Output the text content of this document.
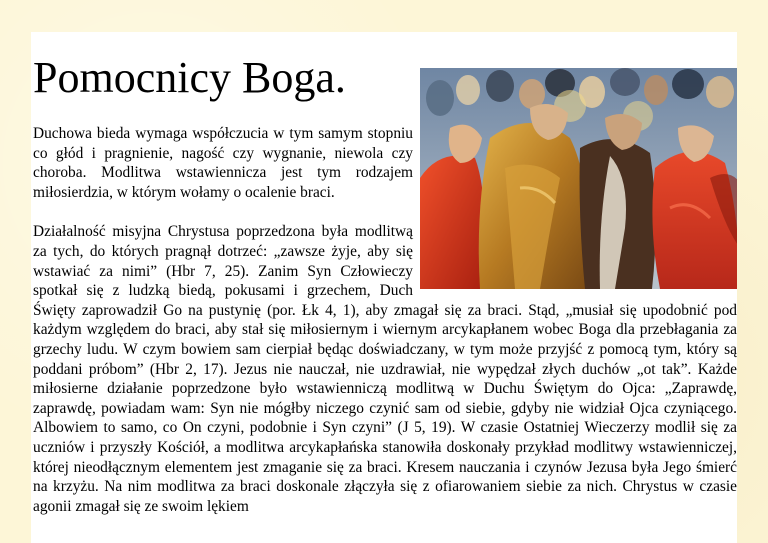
Pomocnicy Boga.

Duchowa bieda wymaga współczucia w tym samym stopniu co głód i pragnienie, nagość czy wygnanie, niewola czy choroba. Modlitwa wstawiennicza jest tym rodzajem miłosierdzia, w którym wołamy o ocalenie braci.

Działalność misyjna Chrystusa poprzedzona była modlitwą za tych, do których pragnął dotrzeć: „zawsze żyje, aby się wstawiać za nimi” (Hbr 7, 25). Zanim Syn Człowieczy spotkał się z ludzką biedą, pokusami i grzechem, Duch Święty zaprowadził Go na pustynię (por. Łk 4, 1), aby zmagał się za braci. Stąd, „musiał się upodobnić pod każdym względem do braci, aby stał się miłosiernym i wiernym arcykapłanem wobec Boga dla przebłagania za grzechy ludu. W czym bowiem sam cierpiał będąc doświadczany, w tym może przyjść z pomocą tym, który są poddani próbom” (Hbr 2, 17). Jezus nie nauczał, nie uzdrawiał, nie wypędzał złych duchów „ot tak”. Każde miłosierne działanie poprzedzone było wstawienniczą modlitwą w Duchu Świętym do Ojca: „Zaprawdę, zaprawdę, powiadam wam: Syn nie mógłby niczego czynić sam od siebie, gdyby nie widział Ojca czyniącego. Albowiem to samo, co On czyni, podobnie i Syn czyni” (J 5, 19). W czasie Ostatniej Wieczerzy modlił się za uczniów i przyszły Kościół, a modlitwa arcykapłańska stanowiła doskonały przykład modlitwy wstawienniczej, której nieodłącznym elementem jest zmaganie się za braci. Kresem nauczania i czynów Jezusa była Jego śmierć na krzyżu. Na nim modlitwa za braci doskonale złączyła się z ofiarowaniem siebie za nich. Chrystus w czasie agonii zmagał się ze swoim lękiem
